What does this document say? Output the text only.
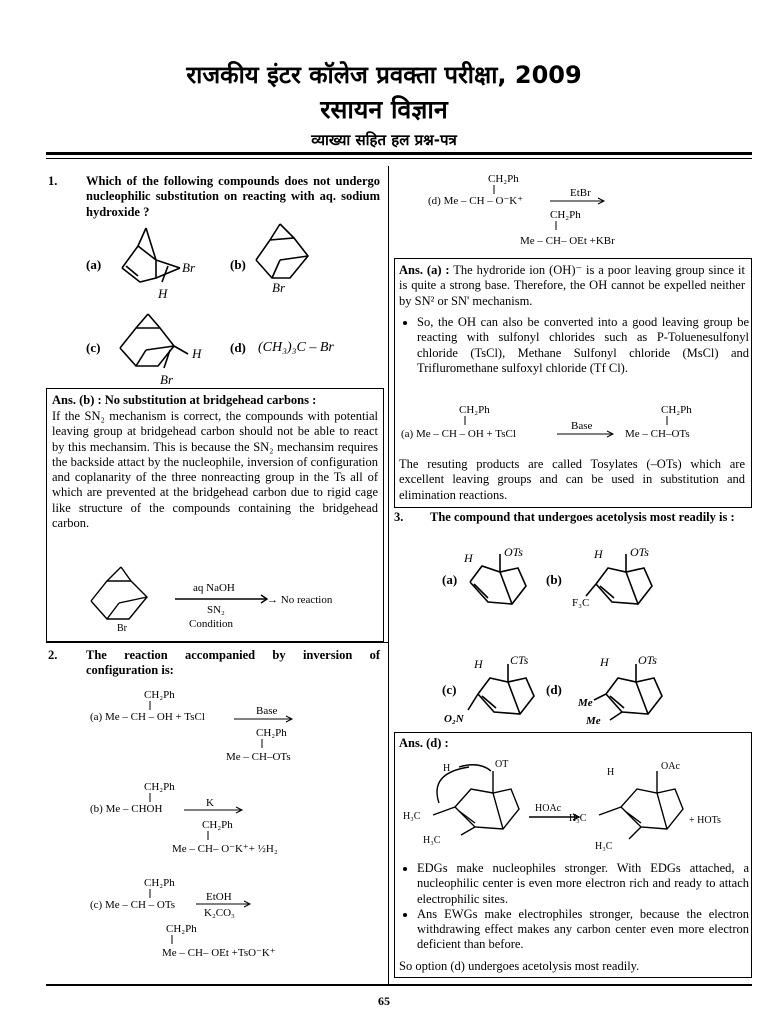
राजकीय इंटर कॉलेज प्रवक्ता परीक्षा, 2009
रसायन विज्ञान
व्याख्या सहित हल प्रश्न-पत्र
1. Which of the following compounds does not undergo nucleophilic substitution on reacting with aq. sodium hydroxide ?
(a)	Br
H
(b)
Br
(c)	H
Br
(d) (CH₃)₃C – Br
Ans. (b) : No substitution at bridgehead carbons :
If the SN₂ mechanism is correct, the compounds with potential leaving group at bridgehead carbon should not be able to react by this mechansim. This is because the SN₂ mechansim requires the backside attact by the nucleophile, inversion of configuration and coplanarity of the three nonreacting group in the Ts all of which are prevented at the bridgehead carbon due to rigid cage like structure of the compounds containing the bridgehead carbon.
Br
aq NaOH
SN₂
Condition
→ No reaction
2. The reaction accompanied by inversion of configuration is:
CH₂Ph
(a) Me – CH – OH + TsCl	Base
CH₂Ph
Me – CH–OTs
CH₂Ph
(b) Me – CHOH	K
CH₂Ph
Me – CH– O⁻K⁺+ ½H₂
CH₂Ph
(c) Me – CH – OTs
EtOH
K₂CO₃
CH₂Ph
Me – CH– OEt +TsO⁻K⁺
CH₂Ph
(d) Me – CH – O⁻K⁺
EtBr
CH₂Ph
Me – CH– OEt +KBr
Ans. (a) : The hydroride ion (OH)⁻ is a poor leaving group since it is quite a strong base. Therefore, the OH cannot be expelled neither by SN² or SN' mechanism.
• So, the OH can also be converted into a good leaving group be reacting with sulfonyl chlorides such as P-Toluenesulfonyl chloride (TsCl), Methane Sulfonyl chloride (MsCl) and Trifluromethane sulfoxyl chloride (Tf Cl).
CH₂Ph
(a) Me – CH – OH + TsCl
Base
CH₂Ph
Me – CH–OTs
The resuting products are called Tosylates (–OTs) which are excellent leaving groups and can be used in substitution and elimination reactions.
3. The compound that undergoes acetolysis most readily is :
(a)
H	OTs
(b)
H OTs
F₃C
(c)
H CTs
O₂N
(d)
H OTs
Me
Me
Ans. (d) :
H	OT
H₃C
H₃C
HOAc
H
OAc
H₃C
H₃C
+ HOTs
• EDGs make nucleophiles stronger. With EDGs attached, a nucleophilic center is even more electron rich and ready to attach electrophilic sites.
• Ans EWGs make electrophiles stronger, because the electron withdrawing effect makes any carbon center even more electron deficient than before.
So option (d) undergoes acetolysis most readily.
65
